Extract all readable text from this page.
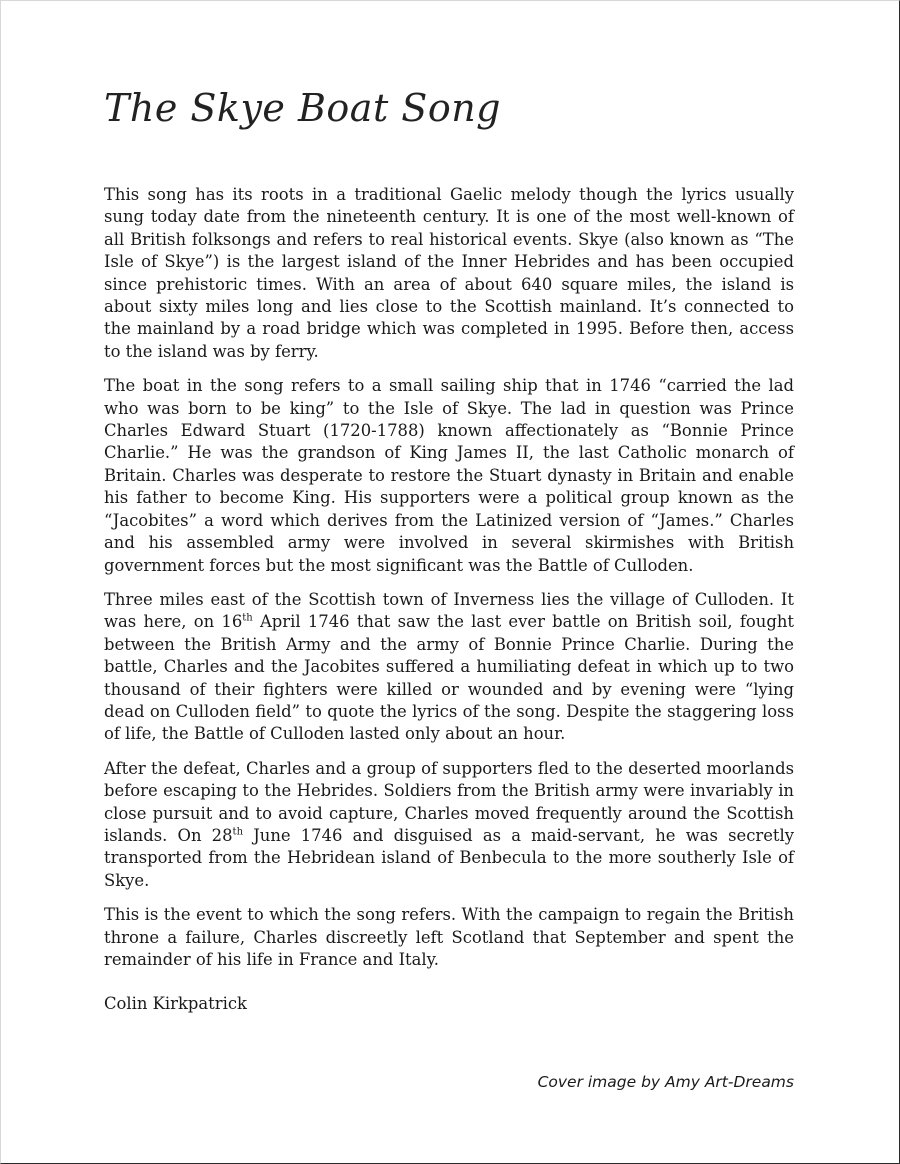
The Skye Boat Song

This song has its roots in a traditional Gaelic melody though the lyrics usually sung today date from the nineteenth century. It is one of the most well-known of all British folksongs and refers to real historical events. Skye (also known as “The Isle of Skye”) is the largest island of the Inner Hebrides and has been occupied since prehistoric times. With an area of about 640 square miles, the island is about sixty miles long and lies close to the Scottish mainland. It’s connected to the mainland by a road bridge which was completed in 1995. Before then, access to the island was by ferry.

The boat in the song refers to a small sailing ship that in 1746 “carried the lad who was born to be king” to the Isle of Skye. The lad in question was Prince Charles Edward Stuart (1720-1788) known affectionately as “Bonnie Prince Charlie.” He was the grandson of King James II, the last Catholic monarch of Britain. Charles was desperate to restore the Stuart dynasty in Britain and enable his father to become King. His supporters were a political group known as the “Jacobites” a word which derives from the Latinized version of “James.” Charles and his assembled army were involved in several skirmishes with British government forces but the most significant was the Battle of Culloden.

Three miles east of the Scottish town of Inverness lies the village of Culloden. It was here, on 16th April 1746 that saw the last ever battle on British soil, fought between the British Army and the army of Bonnie Prince Charlie. During the battle, Charles and the Jacobites suffered a humiliating defeat in which up to two thousand of their fighters were killed or wounded and by evening were “lying dead on Culloden field” to quote the lyrics of the song. Despite the staggering loss of life, the Battle of Culloden lasted only about an hour.

After the defeat, Charles and a group of supporters fled to the deserted moorlands before escaping to the Hebrides. Soldiers from the British army were invariably in close pursuit and to avoid capture, Charles moved frequently around the Scottish islands. On 28th June 1746 and disguised as a maid-servant, he was secretly transported from the Hebridean island of Benbecula to the more southerly Isle of Skye.

This is the event to which the song refers. With the campaign to regain the British throne a failure, Charles discreetly left Scotland that September and spent the remainder of his life in France and Italy.

Colin Kirkpatrick

Cover image by Amy Art-Dreams
